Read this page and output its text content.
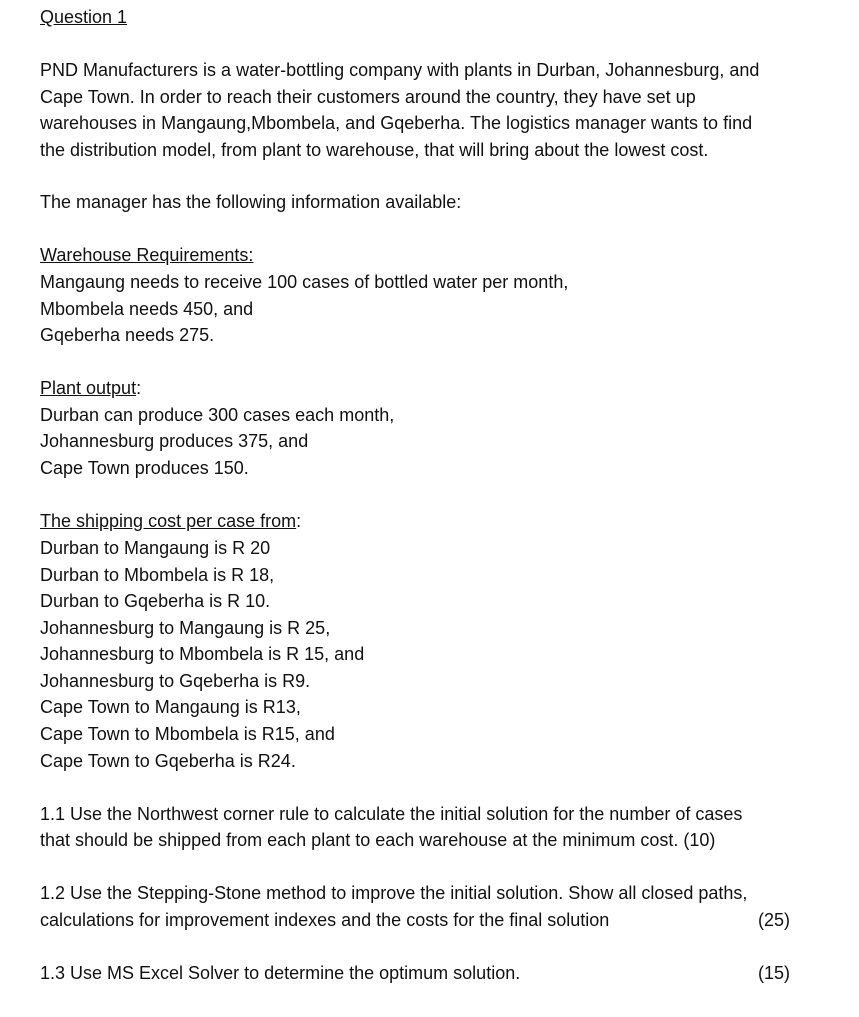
Question 1
PND Manufacturers is a water-bottling company with plants in Durban, Johannesburg, and
Cape Town. In order to reach their customers around the country, they have set up
warehouses in Mangaung,Mbombela, and Gqeberha. The logistics manager wants to find
the distribution model, from plant to warehouse, that will bring about the lowest cost.
The manager has the following information available:
Warehouse Requirements:
Mangaung needs to receive 100 cases of bottled water per month,
Mbombela needs 450, and
Gqeberha needs 275.
Plant output:
Durban can produce 300 cases each month,
Johannesburg produces 375, and
Cape Town produces 150.
The shipping cost per case from:
Durban to Mangaung is R 20
Durban to Mbombela is R 18,
Durban to Gqeberha is R 10.
Johannesburg to Mangaung is R 25,
Johannesburg to Mbombela is R 15, and
Johannesburg to Gqeberha is R9.
Cape Town to Mangaung is R13,
Cape Town to Mbombela is R15, and
Cape Town to Gqeberha is R24.
1.1 Use the Northwest corner rule to calculate the initial solution for the number of cases
that should be shipped from each plant to each warehouse at the minimum cost. (10)
1.2 Use the Stepping-Stone method to improve the initial solution. Show all closed paths,
calculations for improvement indexes and the costs for the final solution	(25)
1.3 Use MS Excel Solver to determine the optimum solution.	(15)
